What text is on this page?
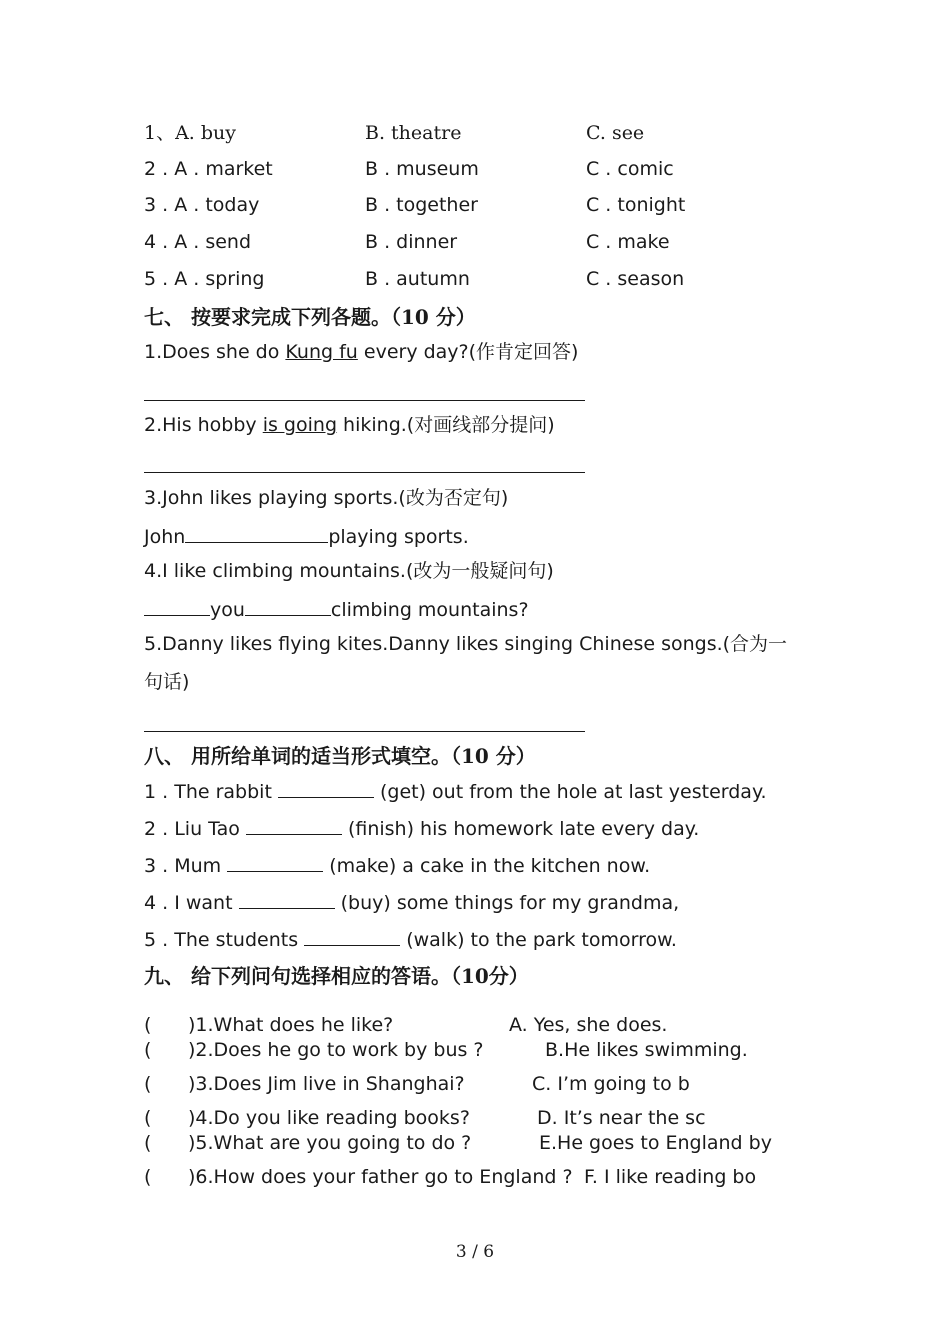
1、A. buy	B. theatre	C. see
2 . A . market	B . museum	C . comic
3 . A . today	B . together	C . tonight
4 . A . send	B . dinner	C . make
5 . A . spring	B . autumn	C . season
七、 按要求完成下列各题。（10 分）
1.Does she do Kung fu every day?(作肯定回答)
2.His hobby is going hiking.(对画线部分提问)
3.John likes playing sports.(改为否定句)
John	playing sports.
4.I like climbing mountains.(改为一般疑问句)
you	climbing mountains?
5.Danny likes flying kites.Danny likes singing Chinese songs.(合为一
句话)
八、 用所给单词的适当形式填空。（10 分）
1 . The rabbit	(get) out from the hole at last yesterday.
2 . Liu Tao	(finish) his homework late every day.
3 . Mum	(make) a cake in the kitchen now.
4 . I want	(buy) some things for my grandma,
5 . The students	(walk) to the park tomorrow.
九、 给下列问句选择相应的答语。（10分）
( )1.What does he like?	A. Yes, she does.
( )2.Does he go to work by bus ?	B.He likes swimming.
( )3.Does Jim live in Shanghai?	C. I’m going to b
( )4.Do you like reading books?	D. It’s near the sc
( )5.What are you going to do ?	E.He goes to England by
( )6.How does your father go to England ? F. I like reading bo
3 / 6
